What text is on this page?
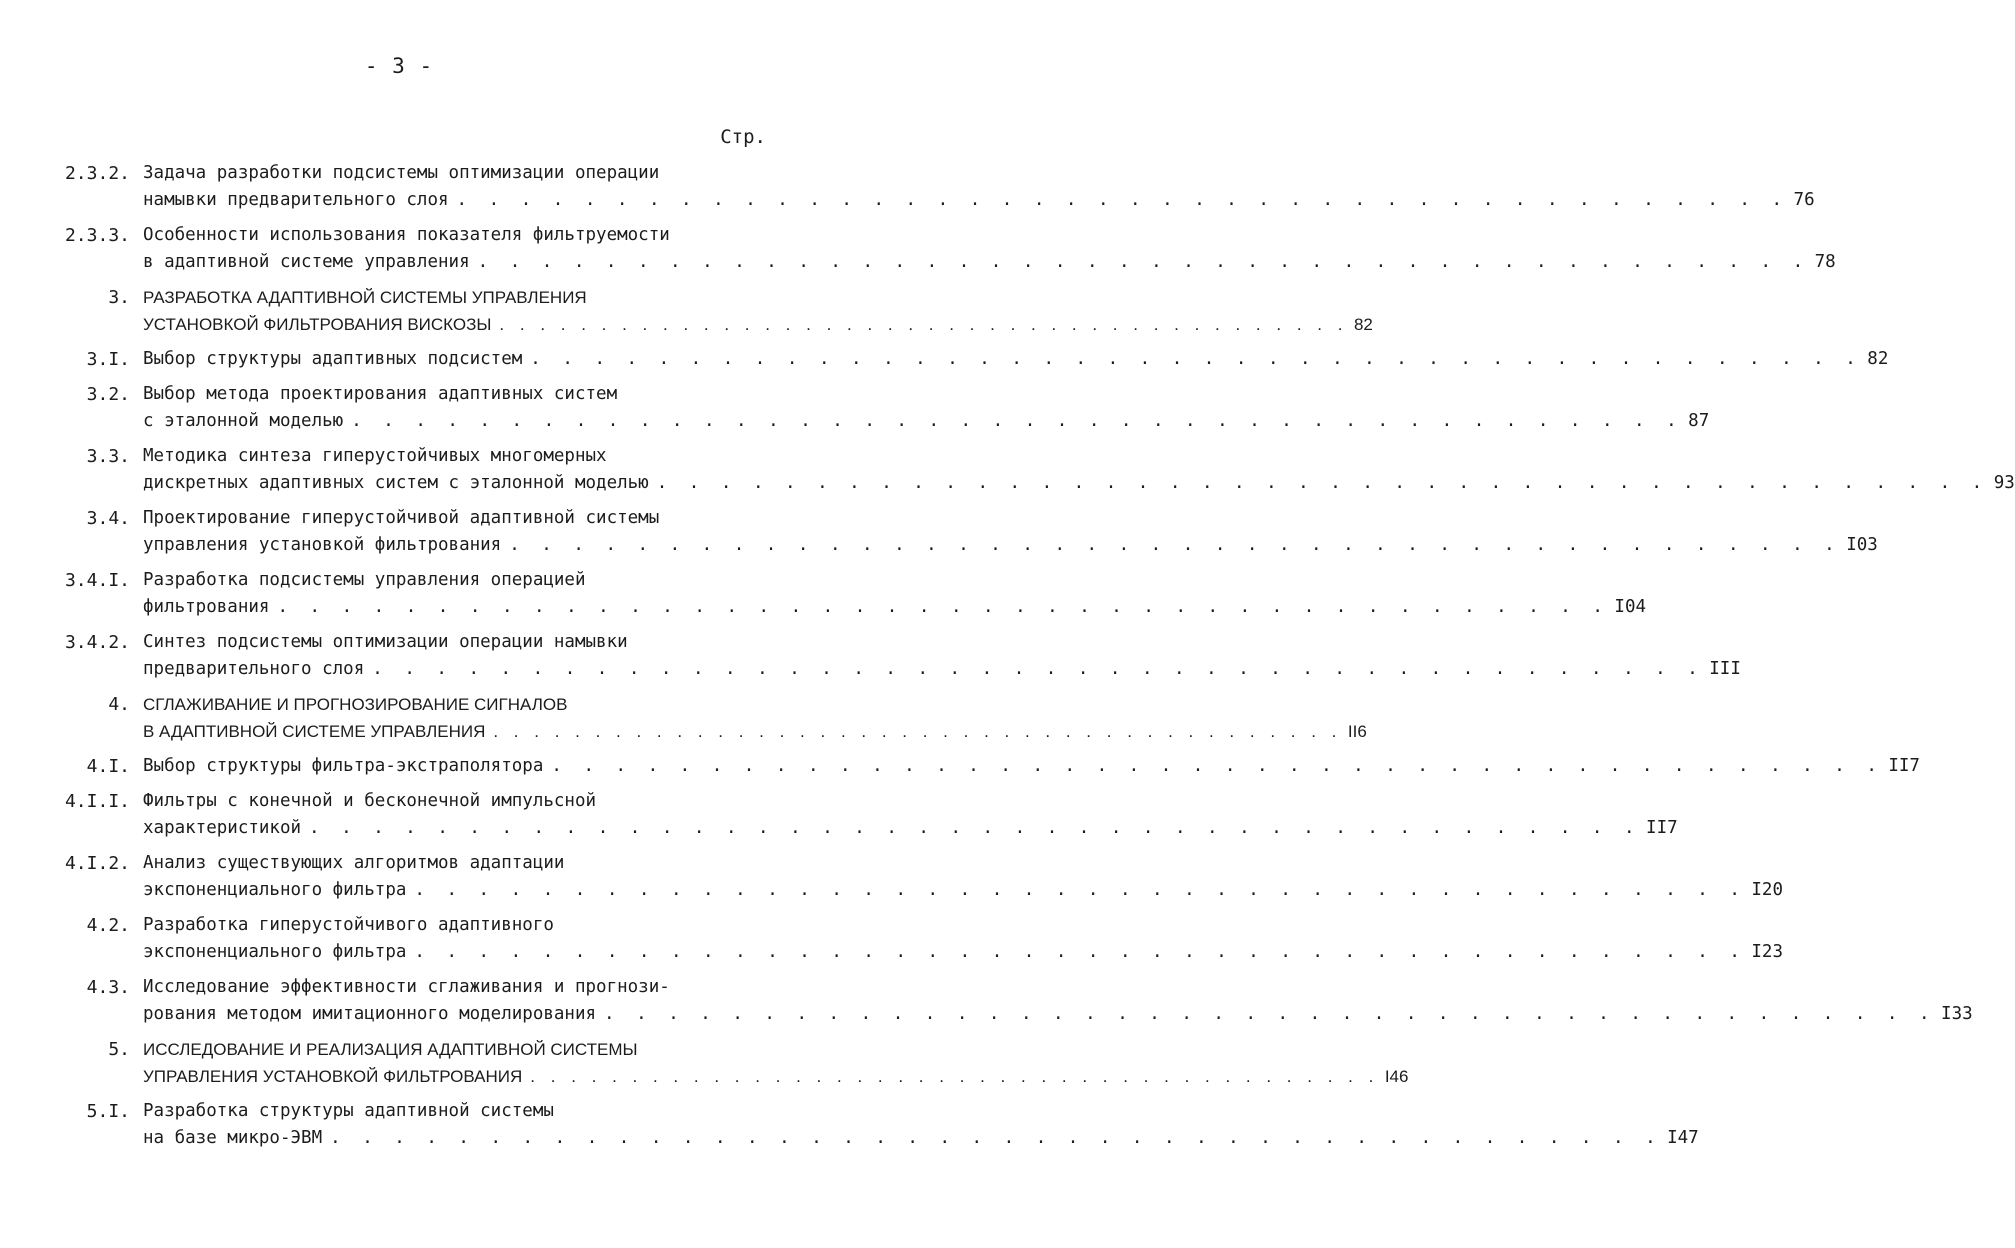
- 3 -
Стр.
2.3.2. Задача разработки подсистемы оптимизации операции
намывки предварительного слоя . . . . . . . . . . . . . . . . . . . . . . . . . . . . . . . . . . . . . . . . . . 76
2.3.3. Особенности использования показателя фильтруемости
в адаптивной системе управления . . . . . . . . . . . . . . . . . . . . . . . . . . . . . . . . . . . . . . . . . . 78
3. РАЗРАБОТКА АДАПТИВНОЙ СИСТЕМЫ УПРАВЛЕНИЯ
УСТАНОВКОЙ ФИЛЬТРОВАНИЯ ВИСКОЗЫ . . . . . . . . . . . . . . . . . . . . . . . . . . . . . . . . . . . . . . . . . . 82
3.I. Выбор структуры адаптивных подсистем . . . . . . . . . . . . . . . . . . . . . . . . . . . . . . . . . . . . . . . . . . 82
3.2. Выбор метода проектирования адаптивных систем
с эталонной моделью . . . . . . . . . . . . . . . . . . . . . . . . . . . . . . . . . . . . . . . . . . 87
3.3. Методика синтеза гиперустойчивых многомерных
дискретных адаптивных систем с эталонной моделью . . . . . . . . . . . . . . . . . . . . . . . . . . . . . . . . . . . . . . . . . . 93
3.4. Проектирование гиперустойчивой адаптивной системы
управления установкой фильтрования . . . . . . . . . . . . . . . . . . . . . . . . . . . . . . . . . . . . . . . . . . I03
3.4.I. Разработка подсистемы управления операцией
фильтрования . . . . . . . . . . . . . . . . . . . . . . . . . . . . . . . . . . . . . . . . . . I04
3.4.2. Синтез подсистемы оптимизации операции намывки
предварительного слоя . . . . . . . . . . . . . . . . . . . . . . . . . . . . . . . . . . . . . . . . . . III
4. СГЛАЖИВАНИЕ И ПРОГНОЗИРОВАНИЕ СИГНАЛОВ
В АДАПТИВНОЙ СИСТЕМЕ УПРАВЛЕНИЯ . . . . . . . . . . . . . . . . . . . . . . . . . . . . . . . . . . . . . . . . . . II6
4.I. Выбор структуры фильтра-экстраполятора . . . . . . . . . . . . . . . . . . . . . . . . . . . . . . . . . . . . . . . . . . II7
4.I.I. Фильтры с конечной и бесконечной импульсной
характеристикой . . . . . . . . . . . . . . . . . . . . . . . . . . . . . . . . . . . . . . . . . . II7
4.I.2. Анализ существующих алгоритмов адаптации
экспоненциального фильтра . . . . . . . . . . . . . . . . . . . . . . . . . . . . . . . . . . . . . . . . . . I20
4.2. Разработка гиперустойчивого адаптивного
экспоненциального фильтра . . . . . . . . . . . . . . . . . . . . . . . . . . . . . . . . . . . . . . . . . . I23
4.3. Исследование эффективности сглаживания и прогнози-
рования методом имитационного моделирования . . . . . . . . . . . . . . . . . . . . . . . . . . . . . . . . . . . . . . . . . . I33
5. ИССЛЕДОВАНИЕ И РЕАЛИЗАЦИЯ АДАПТИВНОЙ СИСТЕМЫ
УПРАВЛЕНИЯ УСТАНОВКОЙ ФИЛЬТРОВАНИЯ . . . . . . . . . . . . . . . . . . . . . . . . . . . . . . . . . . . . . . . . . . I46
5.I. Разработка структуры адаптивной системы
на базе микро-ЭВМ . . . . . . . . . . . . . . . . . . . . . . . . . . . . . . . . . . . . . . . . . . I47
